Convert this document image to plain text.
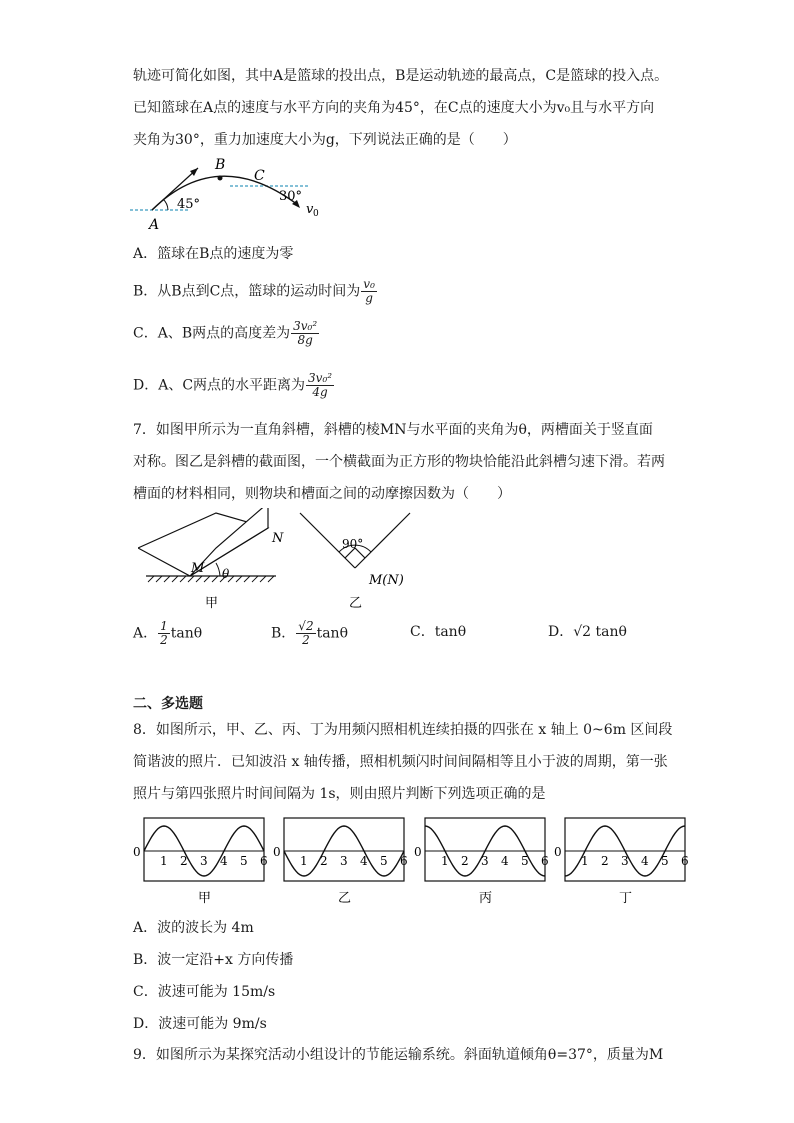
轨迹可简化如图，其中A是篮球的投出点，B是运动轨迹的最高点，C是篮球的投入点。
已知篮球在A点的速度与水平方向的夹角为45°，在C点的速度大小为v₀且与水平方向
夹角为30°，重力加速度大小为g，下列说法正确的是（　　）
A
B
C
45°
30°
v 0
A．篮球在B点的速度为零
B．从B点到C点，篮球的运动时间为 $\frac{\text{v₀}}{g}$
C．A、B两点的高度差为 $\frac{\text{3v₀²}}{8g}$
D．A、C两点的水平距离为 $\frac{\text{3v₀²}}{4g}$
7．如图甲所示为一直角斜槽，斜槽的棱MN与水平面的夹角为θ，两槽面关于竖直面
对称。图乙是斜槽的截面图，一个横截面为正方形的物块恰能沿此斜槽匀速下滑。若两
槽面的材料相同，则物块和槽面之间的动摩擦因数为（　　）
N
M θ
甲
90°
M(N)
乙
A． $\frac{1}{2}$ tanθ	B． $\frac{√2}{2}$ tanθ	C．tanθ	D．√2 tanθ
二、多选题
8．如图所示，甲、乙、丙、丁为用频闪照相机连续拍摄的四张在 x 轴上 0~6m 区间段
简谐波的照片．已知波沿 x 轴传播，照相机频闪时间间隔相等且小于波的周期，第一张
照片与第四张照片时间间隔为 1s，则由照片判断下列选项正确的是
0
1 2 3 4 5 6
甲
0
1 2 3 4 5 6
乙
0
1 2 3 4 5 6
丙
0
1 2 3 4 5 6
丁
A．波的波长为 4m
B．波一定沿+x 方向传播
C．波速可能为 15m/s
D．波速可能为 9m/s
9．如图所示为某探究活动小组设计的节能运输系统。斜面轨道倾角θ=37°，质量为M
